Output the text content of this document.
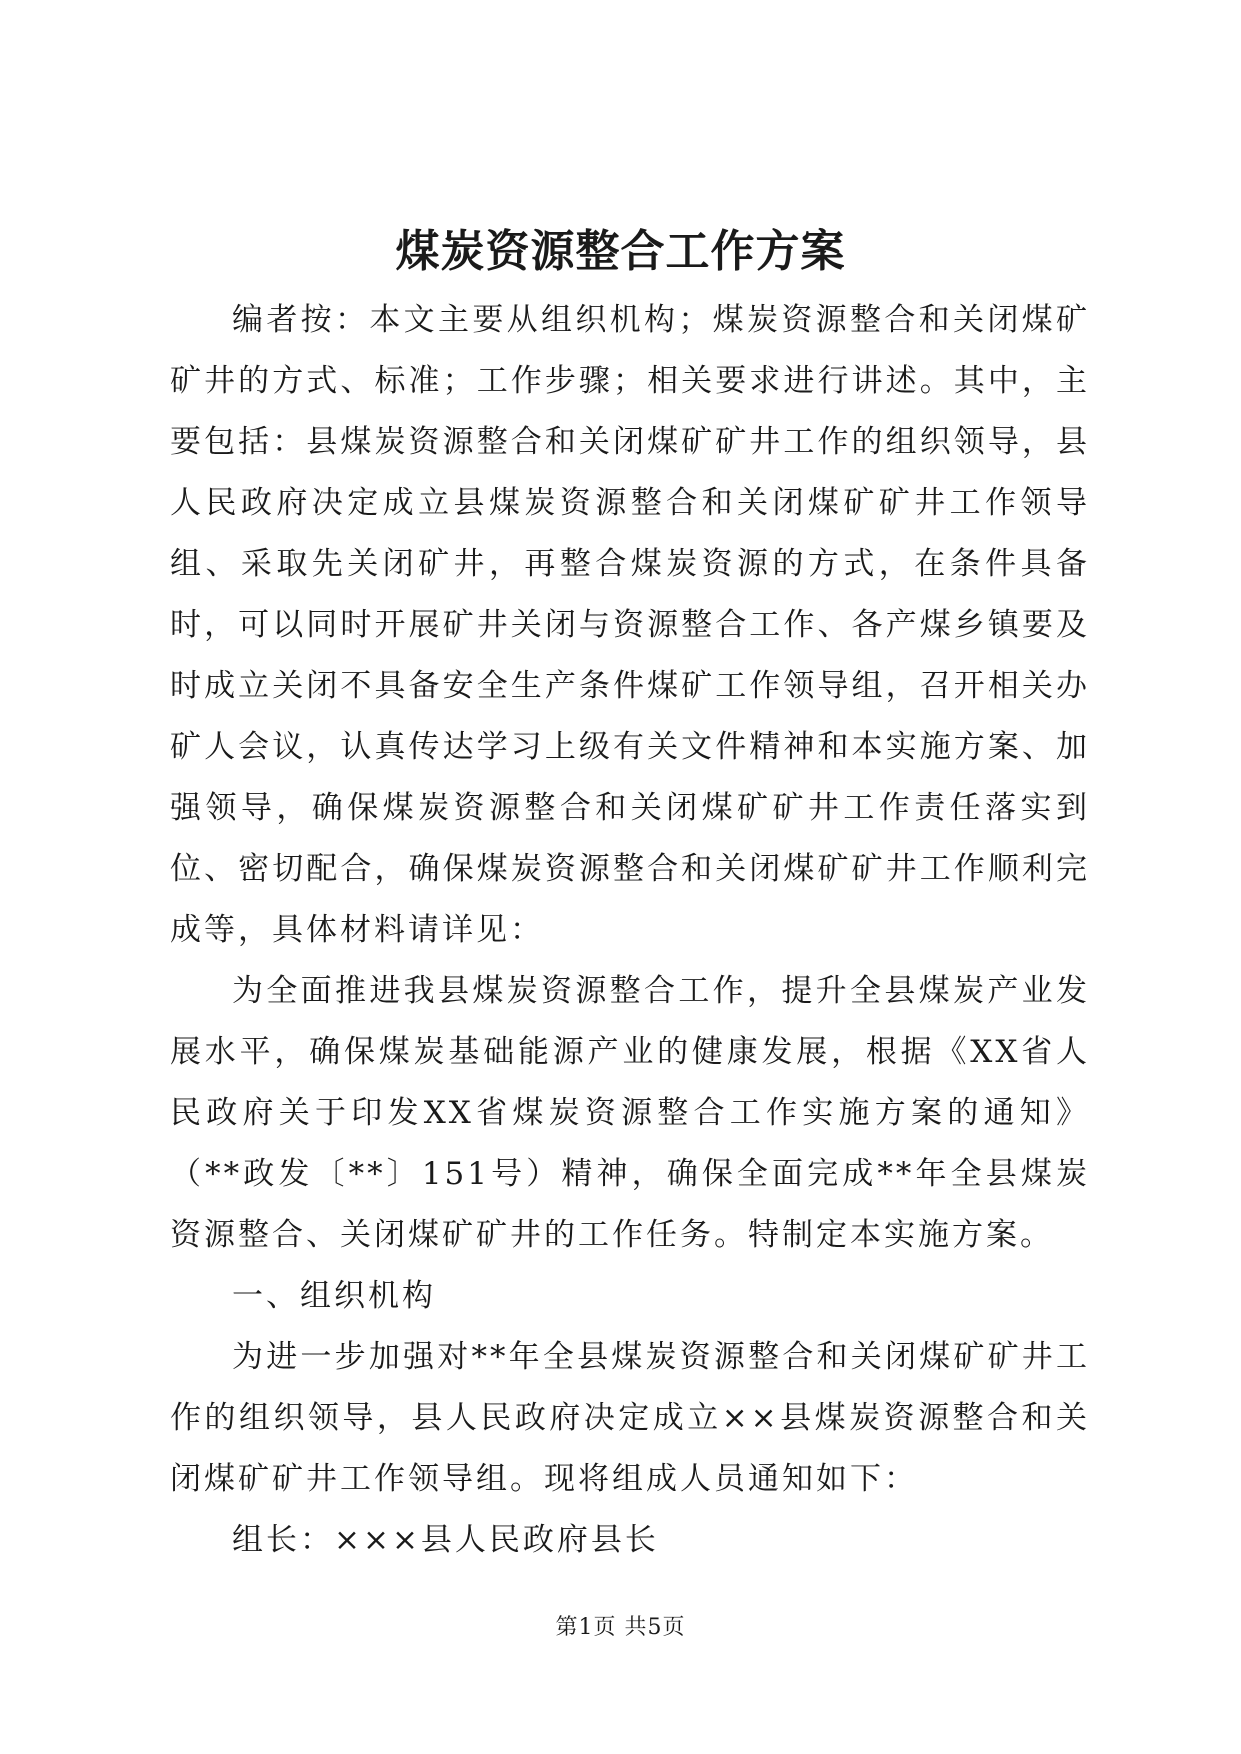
煤炭资源整合工作方案

编者按：本文主要从组织机构；煤炭资源整合和关闭煤矿矿井的方式、标准；工作步骤；相关要求进行讲述。其中，主要包括：县煤炭资源整合和关闭煤矿矿井工作的组织领导，县人民政府决定成立县煤炭资源整合和关闭煤矿矿井工作领导组、采取先关闭矿井，再整合煤炭资源的方式，在条件具备时，可以同时开展矿井关闭与资源整合工作、各产煤乡镇要及时成立关闭不具备安全生产条件煤矿工作领导组，召开相关办矿人会议，认真传达学习上级有关文件精神和本实施方案、加强领导，确保煤炭资源整合和关闭煤矿矿井工作责任落实到位、密切配合，确保煤炭资源整合和关闭煤矿矿井工作顺利完成等，具体材料请详见：

为全面推进我县煤炭资源整合工作，提升全县煤炭产业发展水平，确保煤炭基础能源产业的健康发展，根据《XX省人民政府关于印发XX省煤炭资源整合工作实施方案的通知》（**政发〔**〕151号）精神，确保全面完成**年全县煤炭资源整合、关闭煤矿矿井的工作任务。特制定本实施方案。

一、组织机构

为进一步加强对**年全县煤炭资源整合和关闭煤矿矿井工作的组织领导，县人民政府决定成立××县煤炭资源整合和关闭煤矿矿井工作领导组。现将组成人员通知如下：

组长：×××县人民政府县长

第1页 共5页
